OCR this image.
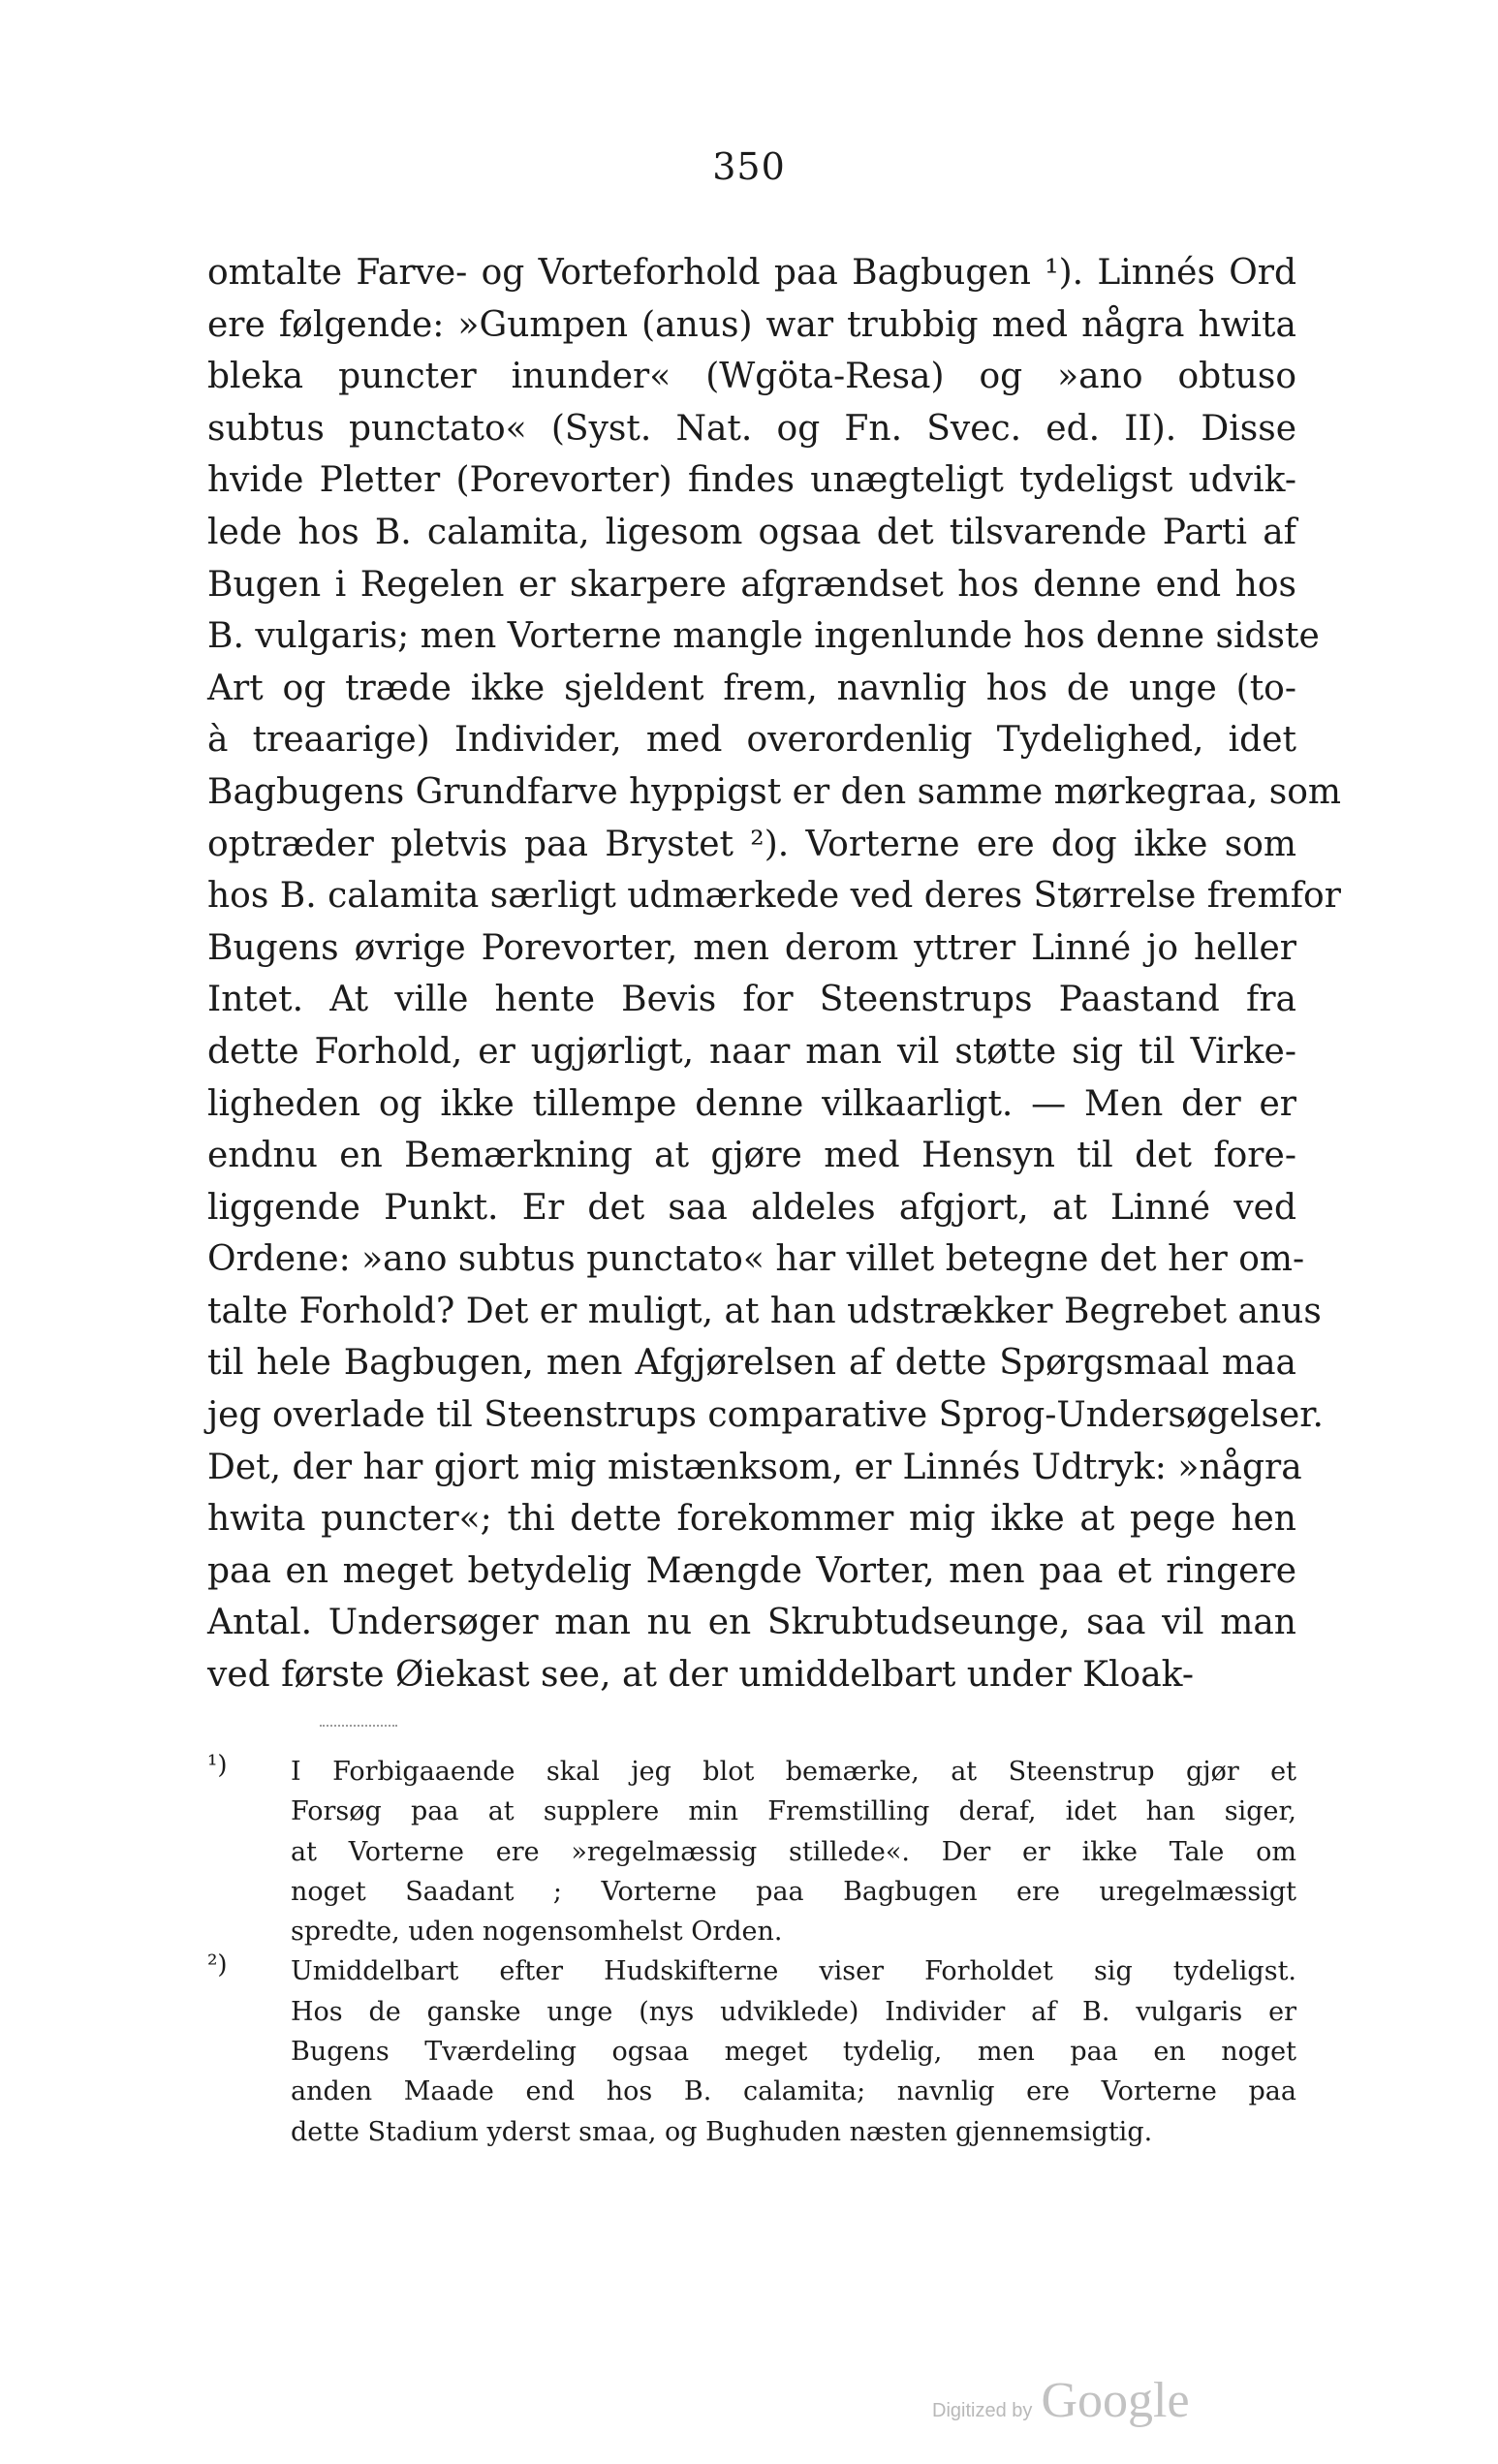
350
omtalte Farve- og Vorteforhold paa Bagbugen ¹). Linnés Ord
ere følgende: »Gumpen (anus) war trubbig med några hwita
bleka puncter inunder« (Wgöta-Resa) og »ano obtuso
subtus punctato« (Syst. Nat. og Fn. Svec. ed. II). Disse
hvide Pletter (Porevorter) findes unægteligt tydeligst udvik-
lede hos B. calamita, ligesom ogsaa det tilsvarende Parti af
Bugen i Regelen er skarpere afgrændset hos denne end hos
B. vulgaris; men Vorterne mangle ingenlunde hos denne sidste
Art og træde ikke sjeldent frem, navnlig hos de unge (to-
à treaarige) Individer, med overordenlig Tydelighed, idet
Bagbugens Grundfarve hyppigst er den samme mørkegraa, som
optræder pletvis paa Brystet ²). Vorterne ere dog ikke som
hos B. calamita særligt udmærkede ved deres Størrelse fremfor
Bugens øvrige Porevorter, men derom yttrer Linné jo heller
Intet. At ville hente Bevis for Steenstrups Paastand fra
dette Forhold, er ugjørligt, naar man vil støtte sig til Virke-
ligheden og ikke tillempe denne vilkaarligt. — Men der er
endnu en Bemærkning at gjøre med Hensyn til det fore-
liggende Punkt. Er det saa aldeles afgjort, at Linné ved
Ordene: »ano subtus punctato« har villet betegne det her om-
talte Forhold? Det er muligt, at han udstrækker Begrebet anus
til hele Bagbugen, men Afgjørelsen af dette Spørgsmaal maa
jeg overlade til Steenstrups comparative Sprog-Undersøgelser.
Det, der har gjort mig mistænksom, er Linnés Udtryk: »några
hwita puncter«; thi dette forekommer mig ikke at pege hen
paa en meget betydelig Mængde Vorter, men paa et ringere
Antal. Undersøger man nu en Skrubtudseunge, saa vil man
ved første Øiekast see, at der umiddelbart under Kloak-
¹) I Forbigaaende skal jeg blot bemærke, at Steenstrup gjør et
Forsøg paa at supplere min Fremstilling deraf, idet han siger,
at Vorterne ere »regelmæssig stillede«. Der er ikke Tale om
noget Saadant ; Vorterne paa Bagbugen ere uregelmæssigt
spredte, uden nogensomhelst Orden.
²) Umiddelbart efter Hudskifterne viser Forholdet sig tydeligst.
Hos de ganske unge (nys udviklede) Individer af B. vulgaris er
Bugens Tværdeling ogsaa meget tydelig, men paa en noget
anden Maade end hos B. calamita; navnlig ere Vorterne paa
dette Stadium yderst smaa, og Bughuden næsten gjennemsigtig.
Digitized by Google
